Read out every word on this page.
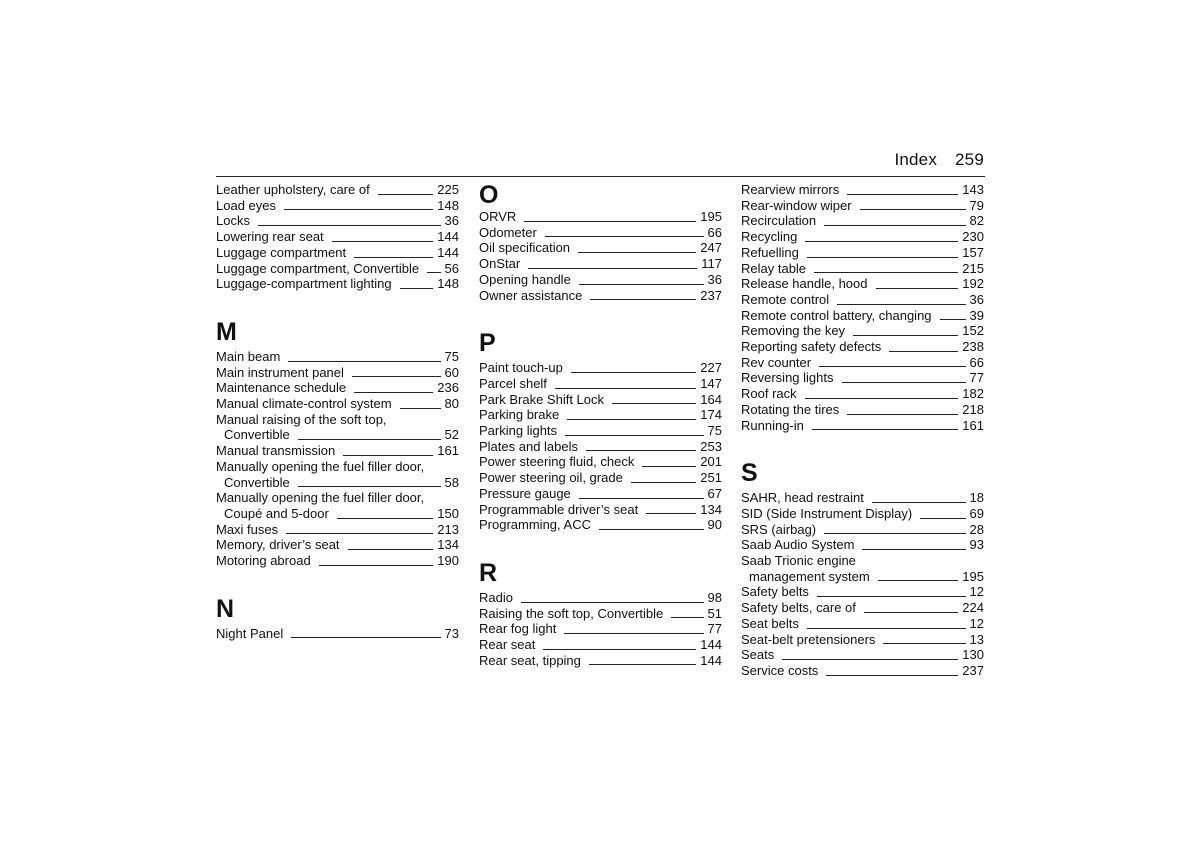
Index 259
Leather upholstery, care of	225
Load eyes	148
Locks	36
Lowering rear seat	144
Luggage compartment	144
Luggage compartment, Convertible 56
Luggage-compartment lighting	148
M
Main beam	75
Main instrument panel	60
Maintenance schedule	236
Manual climate-control system	80
Manual raising of the soft top,
Convertible	52
Manual transmission	161
Manually opening the fuel filler door,
Convertible	58
Manually opening the fuel filler door,
Coupé and 5-door	150
Maxi fuses	213
Memory, driver’s seat	134
Motoring abroad	190
N
Night Panel	73
O
ORVR	195
Odometer	66
Oil specification	247
OnStar	117
Opening handle	36
Owner assistance	237
P
Paint touch-up	227
Parcel shelf	147
Park Brake Shift Lock	164
Parking brake	174
Parking lights	75
Plates and labels	253
Power steering fluid, check	201
Power steering oil, grade	251
Pressure gauge	67
Programmable driver’s seat	134
Programming, ACC	90
R
Radio	98
Raising the soft top, Convertible	51
Rear fog light	77
Rear seat	144
Rear seat, tipping	144
Rearview mirrors	143
Rear-window wiper	79
Recirculation	82
Recycling	230
Refuelling	157
Relay table	215
Release handle, hood	192
Remote control	36
Remote control battery, changing	39
Removing the key	152
Reporting safety defects	238
Rev counter	66
Reversing lights	77
Roof rack	182
Rotating the tires	218
Running-in	161
S
SAHR, head restraint	18
SID (Side Instrument Display)	69
SRS (airbag)	28
Saab Audio System	93
Saab Trionic engine
management system	195
Safety belts	12
Safety belts, care of	224
Seat belts	12
Seat-belt pretensioners	13
Seats	130
Service costs	237
